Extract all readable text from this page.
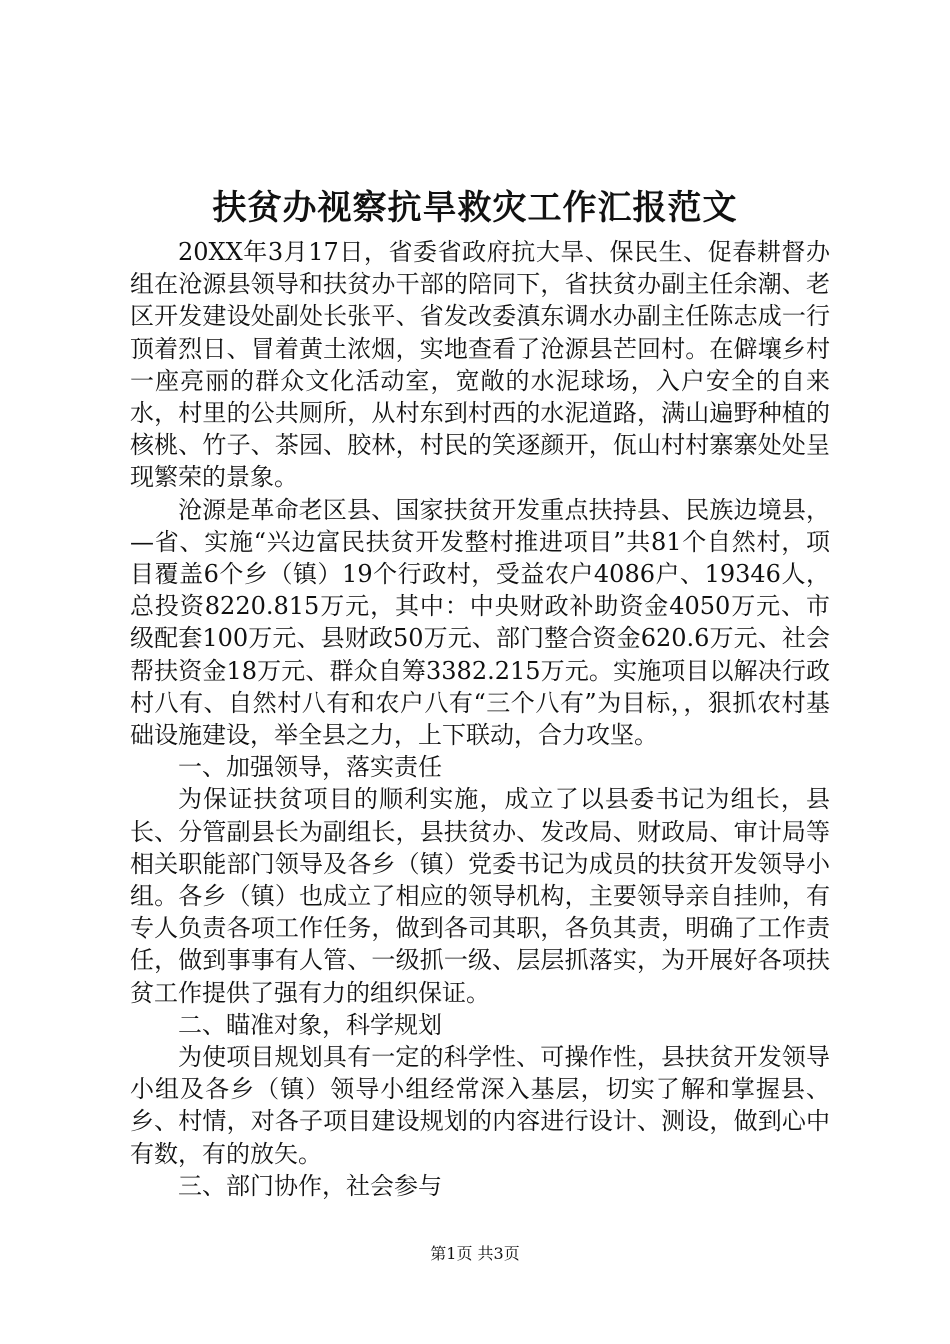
扶贫办视察抗旱救灾工作汇报范文

20XX年3月17日，省委省政府抗大旱、保民生、促春耕督办组在沧源县领导和扶贫办干部的陪同下，省扶贫办副主任余潮、老区开发建设处副处长张平、省发改委滇东调水办副主任陈志成一行顶着烈日、冒着黄土浓烟，实地查看了沧源县芒回村。在僻壤乡村一座亮丽的群众文化活动室，宽敞的水泥球场，入户安全的自来水，村里的公共厕所，从村东到村西的水泥道路，满山遍野种植的核桃、竹子、茶园、胶林，村民的笑逐颜开，佤山村村寨寨处处呈现繁荣的景象。

沧源是革命老区县、国家扶贫开发重点扶持县、民族边境县，—省、实施“兴边富民扶贫开发整村推进项目”共81个自然村，项目覆盖6个乡（镇）19个行政村，受益农户4086户、19346人，总投资8220.815万元，其中：中央财政补助资金4050万元、市级配套100万元、县财政50万元、部门整合资金620.6万元、社会帮扶资金18万元、群众自筹3382.215万元。实施项目以解决行政村八有、自然村八有和农户八有“三个八有”为目标，，狠抓农村基础设施建设，举全县之力，上下联动，合力攻坚。

一、加强领导，落实责任

为保证扶贫项目的顺利实施，成立了以县委书记为组长，县长、分管副县长为副组长，县扶贫办、发改局、财政局、审计局等相关职能部门领导及各乡（镇）党委书记为成员的扶贫开发领导小组。各乡（镇）也成立了相应的领导机构，主要领导亲自挂帅，有专人负责各项工作任务，做到各司其职，各负其责，明确了工作责任，做到事事有人管、一级抓一级、层层抓落实，为开展好各项扶贫工作提供了强有力的组织保证。

二、瞄准对象，科学规划

为使项目规划具有一定的科学性、可操作性，县扶贫开发领导小组及各乡（镇）领导小组经常深入基层，切实了解和掌握县、乡、村情，对各子项目建设规划的内容进行设计、测设，做到心中有数，有的放矢。

三、部门协作，社会参与

第1页 共3页
